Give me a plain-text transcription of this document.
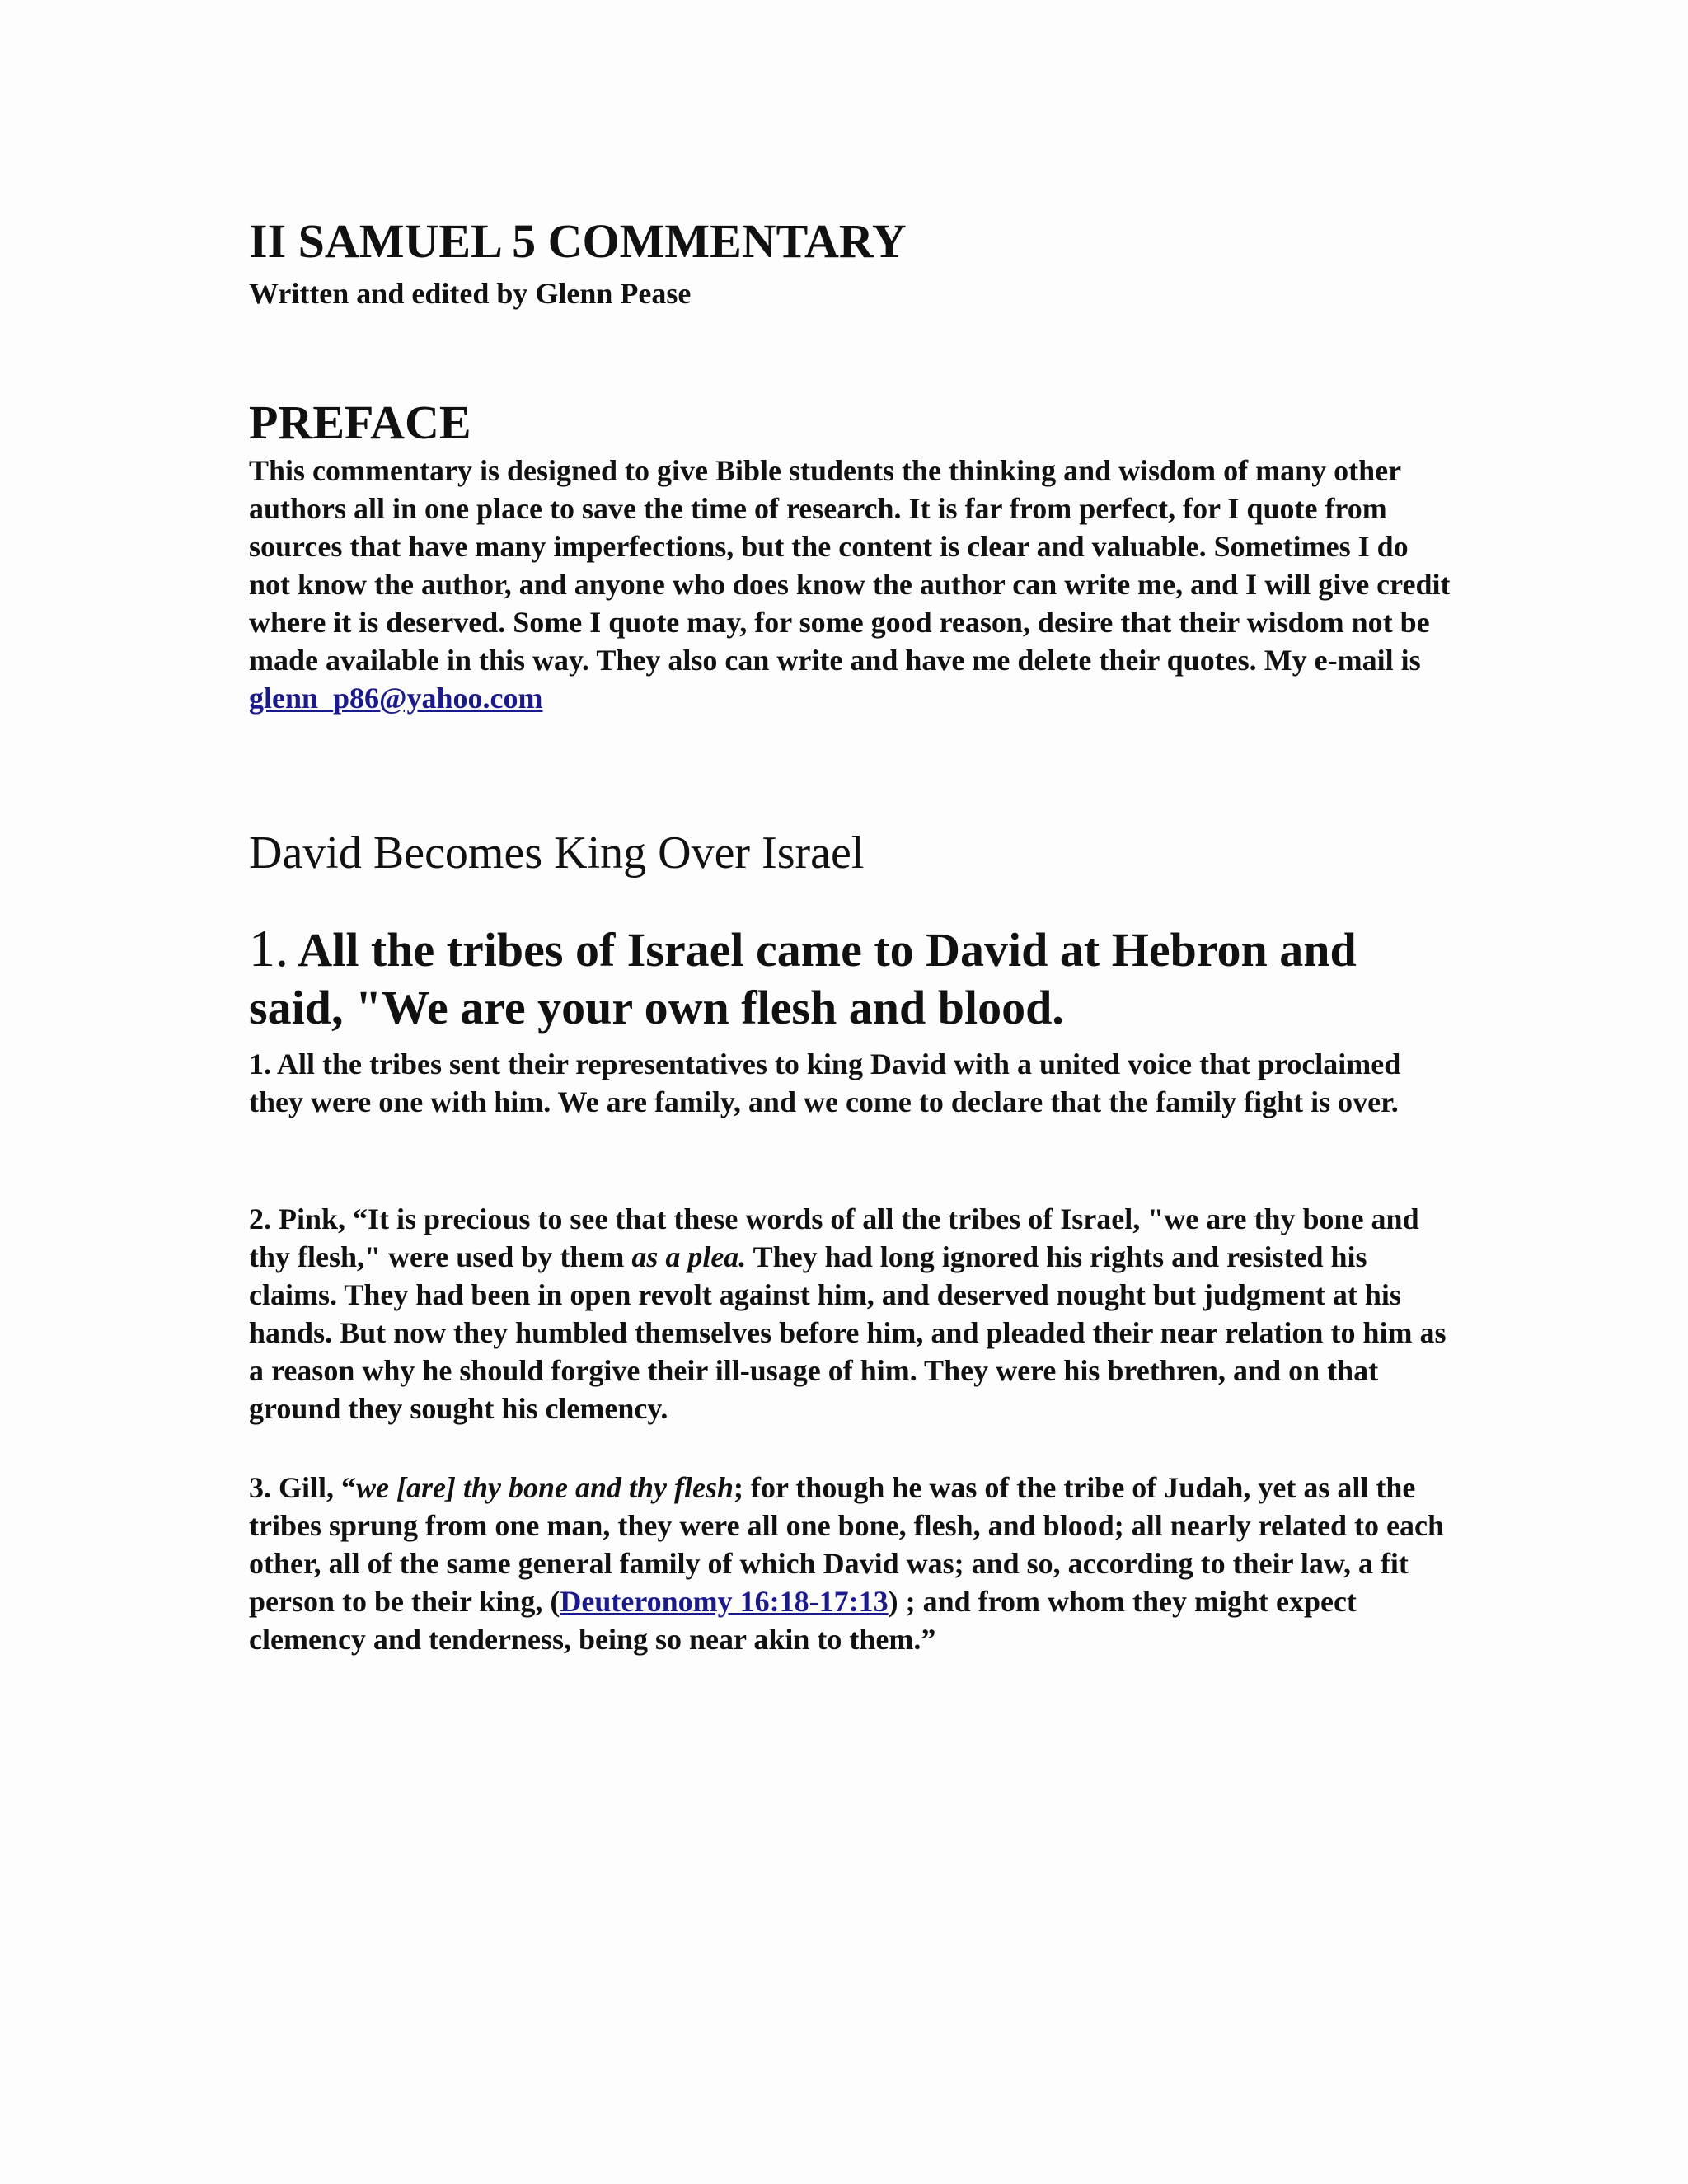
II SAMUEL 5 COMMENTARY

Written and edited by Glenn Pease

PREFACE

This commentary is designed to give Bible students the thinking and wisdom of many other authors all in one place to save the time of research. It is far from perfect, for I quote from sources that have many imperfections, but the content is clear and valuable. Sometimes I do not know the author, and anyone who does know the author can write me, and I will give credit where it is deserved. Some I quote may, for some good reason, desire that their wisdom not be made available in this way. They also can write and have me delete their quotes. My e-mail is glenn_p86@yahoo.com

David Becomes King Over Israel

1. All the tribes of Israel came to David at Hebron and said, "We are your own flesh and blood.

1. All the tribes sent their representatives to king David with a united voice that proclaimed they were one with him. We are family, and we come to declare that the family fight is over.

2. Pink, “It is precious to see that these words of all the tribes of Israel, "we are thy bone and thy flesh," were used by them as a plea. They had long ignored his rights and resisted his claims. They had been in open revolt against him, and deserved nought but judgment at his hands. But now they humbled themselves before him, and pleaded their near relation to him as a reason why he should forgive their ill-usage of him. They were his brethren, and on that ground they sought his clemency.

3. Gill, “we [are] thy bone and thy flesh; for though he was of the tribe of Judah, yet as all the tribes sprung from one man, they were all one bone, flesh, and blood; all nearly related to each other, all of the same general family of which David was; and so, according to their law, a fit person to be their king, (Deuteronomy 16:18-17:13) ; and from whom they might expect clemency and tenderness, being so near akin to them.”
